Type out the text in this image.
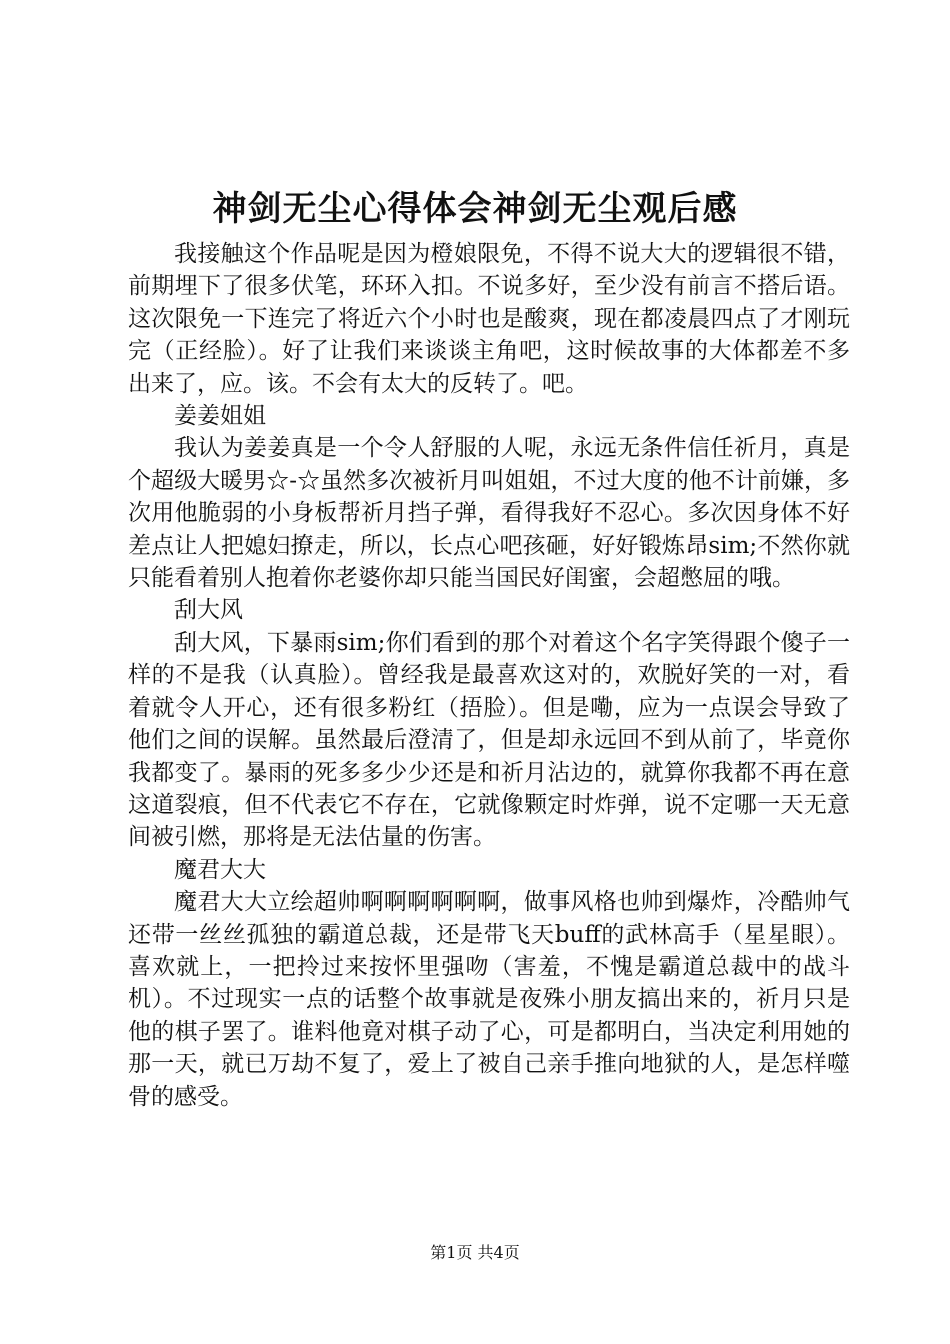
神剑无尘心得体会神剑无尘观后感

我接触这个作品呢是因为橙娘限免，不得不说大大的逻辑很不错，前期埋下了很多伏笔，环环入扣。不说多好，至少没有前言不搭后语。这次限免一下连完了将近六个小时也是酸爽，现在都凌晨四点了才刚玩完（正经脸）。好了让我们来谈谈主角吧，这时候故事的大体都差不多出来了，应。该。不会有太大的反转了。吧。

姜姜姐姐

我认为姜姜真是一个令人舒服的人呢，永远无条件信任祈月，真是个超级大暖男☆-☆虽然多次被祈月叫姐姐，不过大度的他不计前嫌，多次用他脆弱的小身板帮祈月挡子弹，看得我好不忍心。多次因身体不好差点让人把媳妇撩走，所以，长点心吧孩砸，好好锻炼昂sim;不然你就只能看着别人抱着你老婆你却只能当国民好闺蜜，会超憋屈的哦。

刮大风

刮大风，下暴雨sim;你们看到的那个对着这个名字笑得跟个傻子一样的不是我（认真脸）。曾经我是最喜欢这对的，欢脱好笑的一对，看着就令人开心，还有很多粉红（捂脸）。但是嘞，应为一点误会导致了他们之间的误解。虽然最后澄清了，但是却永远回不到从前了，毕竟你我都变了。暴雨的死多多少少还是和祈月沾边的，就算你我都不再在意这道裂痕，但不代表它不存在，它就像颗定时炸弹，说不定哪一天无意间被引燃，那将是无法估量的伤害。

魔君大大

魔君大大立绘超帅啊啊啊啊啊啊，做事风格也帅到爆炸，冷酷帅气还带一丝丝孤独的霸道总裁，还是带飞天buff的武林高手（星星眼）。喜欢就上，一把拎过来按怀里强吻（害羞，不愧是霸道总裁中的战斗机）。不过现实一点的话整个故事就是夜殊小朋友搞出来的，祈月只是他的棋子罢了。谁料他竟对棋子动了心，可是都明白，当决定利用她的那一天，就已万劫不复了，爱上了被自己亲手推向地狱的人，是怎样噬骨的感受。

第1页 共4页
